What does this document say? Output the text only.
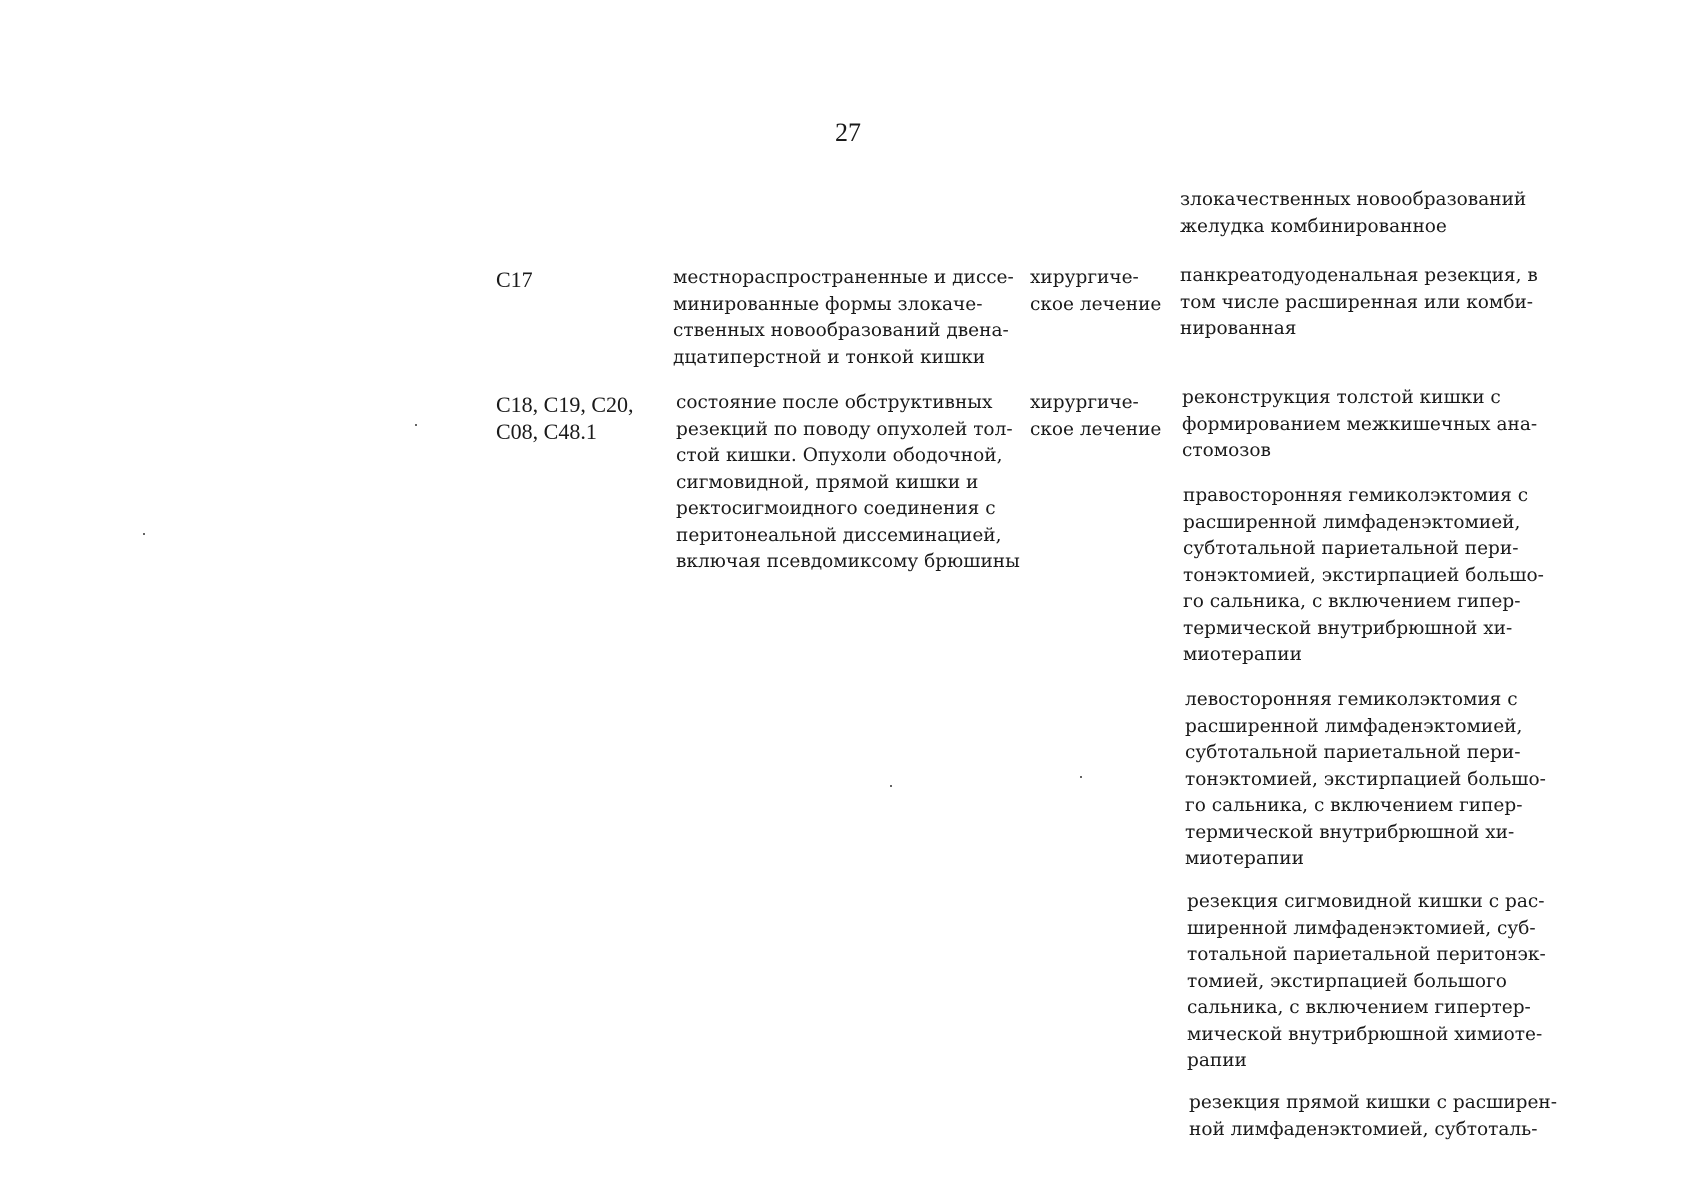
27
злокачественных новообразований
желудка комбинированное
C17	местнораспространенные и диссе-
минированные формы злокаче-
ственных новообразований двена-
дцатиперстной и тонкой кишки
хирургиче-
ское лечение
панкреатодуоденальная резекция, в
том числе расширенная или комби-
нированная
C18, C19, C20,
C08, C48.1
состояние после обструктивных
резекций по поводу опухолей тол-
стой кишки. Опухоли ободочной,
сигмовидной, прямой кишки и
ректосигмоидного соединения с
перитонеальной диссеминацией,
включая псевдомиксому брюшины
хирургиче-
ское лечение
реконструкция толстой кишки с
формированием межкишечных ана-
стомозов
правосторонняя гемиколэктомия с
расширенной лимфаденэктомией,
субтотальной париетальной пери-
тонэктомией, экстирпацией большо-
го сальника, с включением гипер-
термической внутрибрюшной хи-
миотерапии
левосторонняя гемиколэктомия с
расширенной лимфаденэктомией,
субтотальной париетальной пери-
тонэктомией, экстирпацией большо-
го сальника, с включением гипер-
термической внутрибрюшной хи-
миотерапии
резекция сигмовидной кишки с рас-
ширенной лимфаденэктомией, суб-
тотальной париетальной перитонэк-
томией, экстирпацией большого
сальника, с включением гипертер-
мической внутрибрюшной химиоте-
рапии
резекция прямой кишки с расширен-
ной лимфаденэктомией, субтоталь-
